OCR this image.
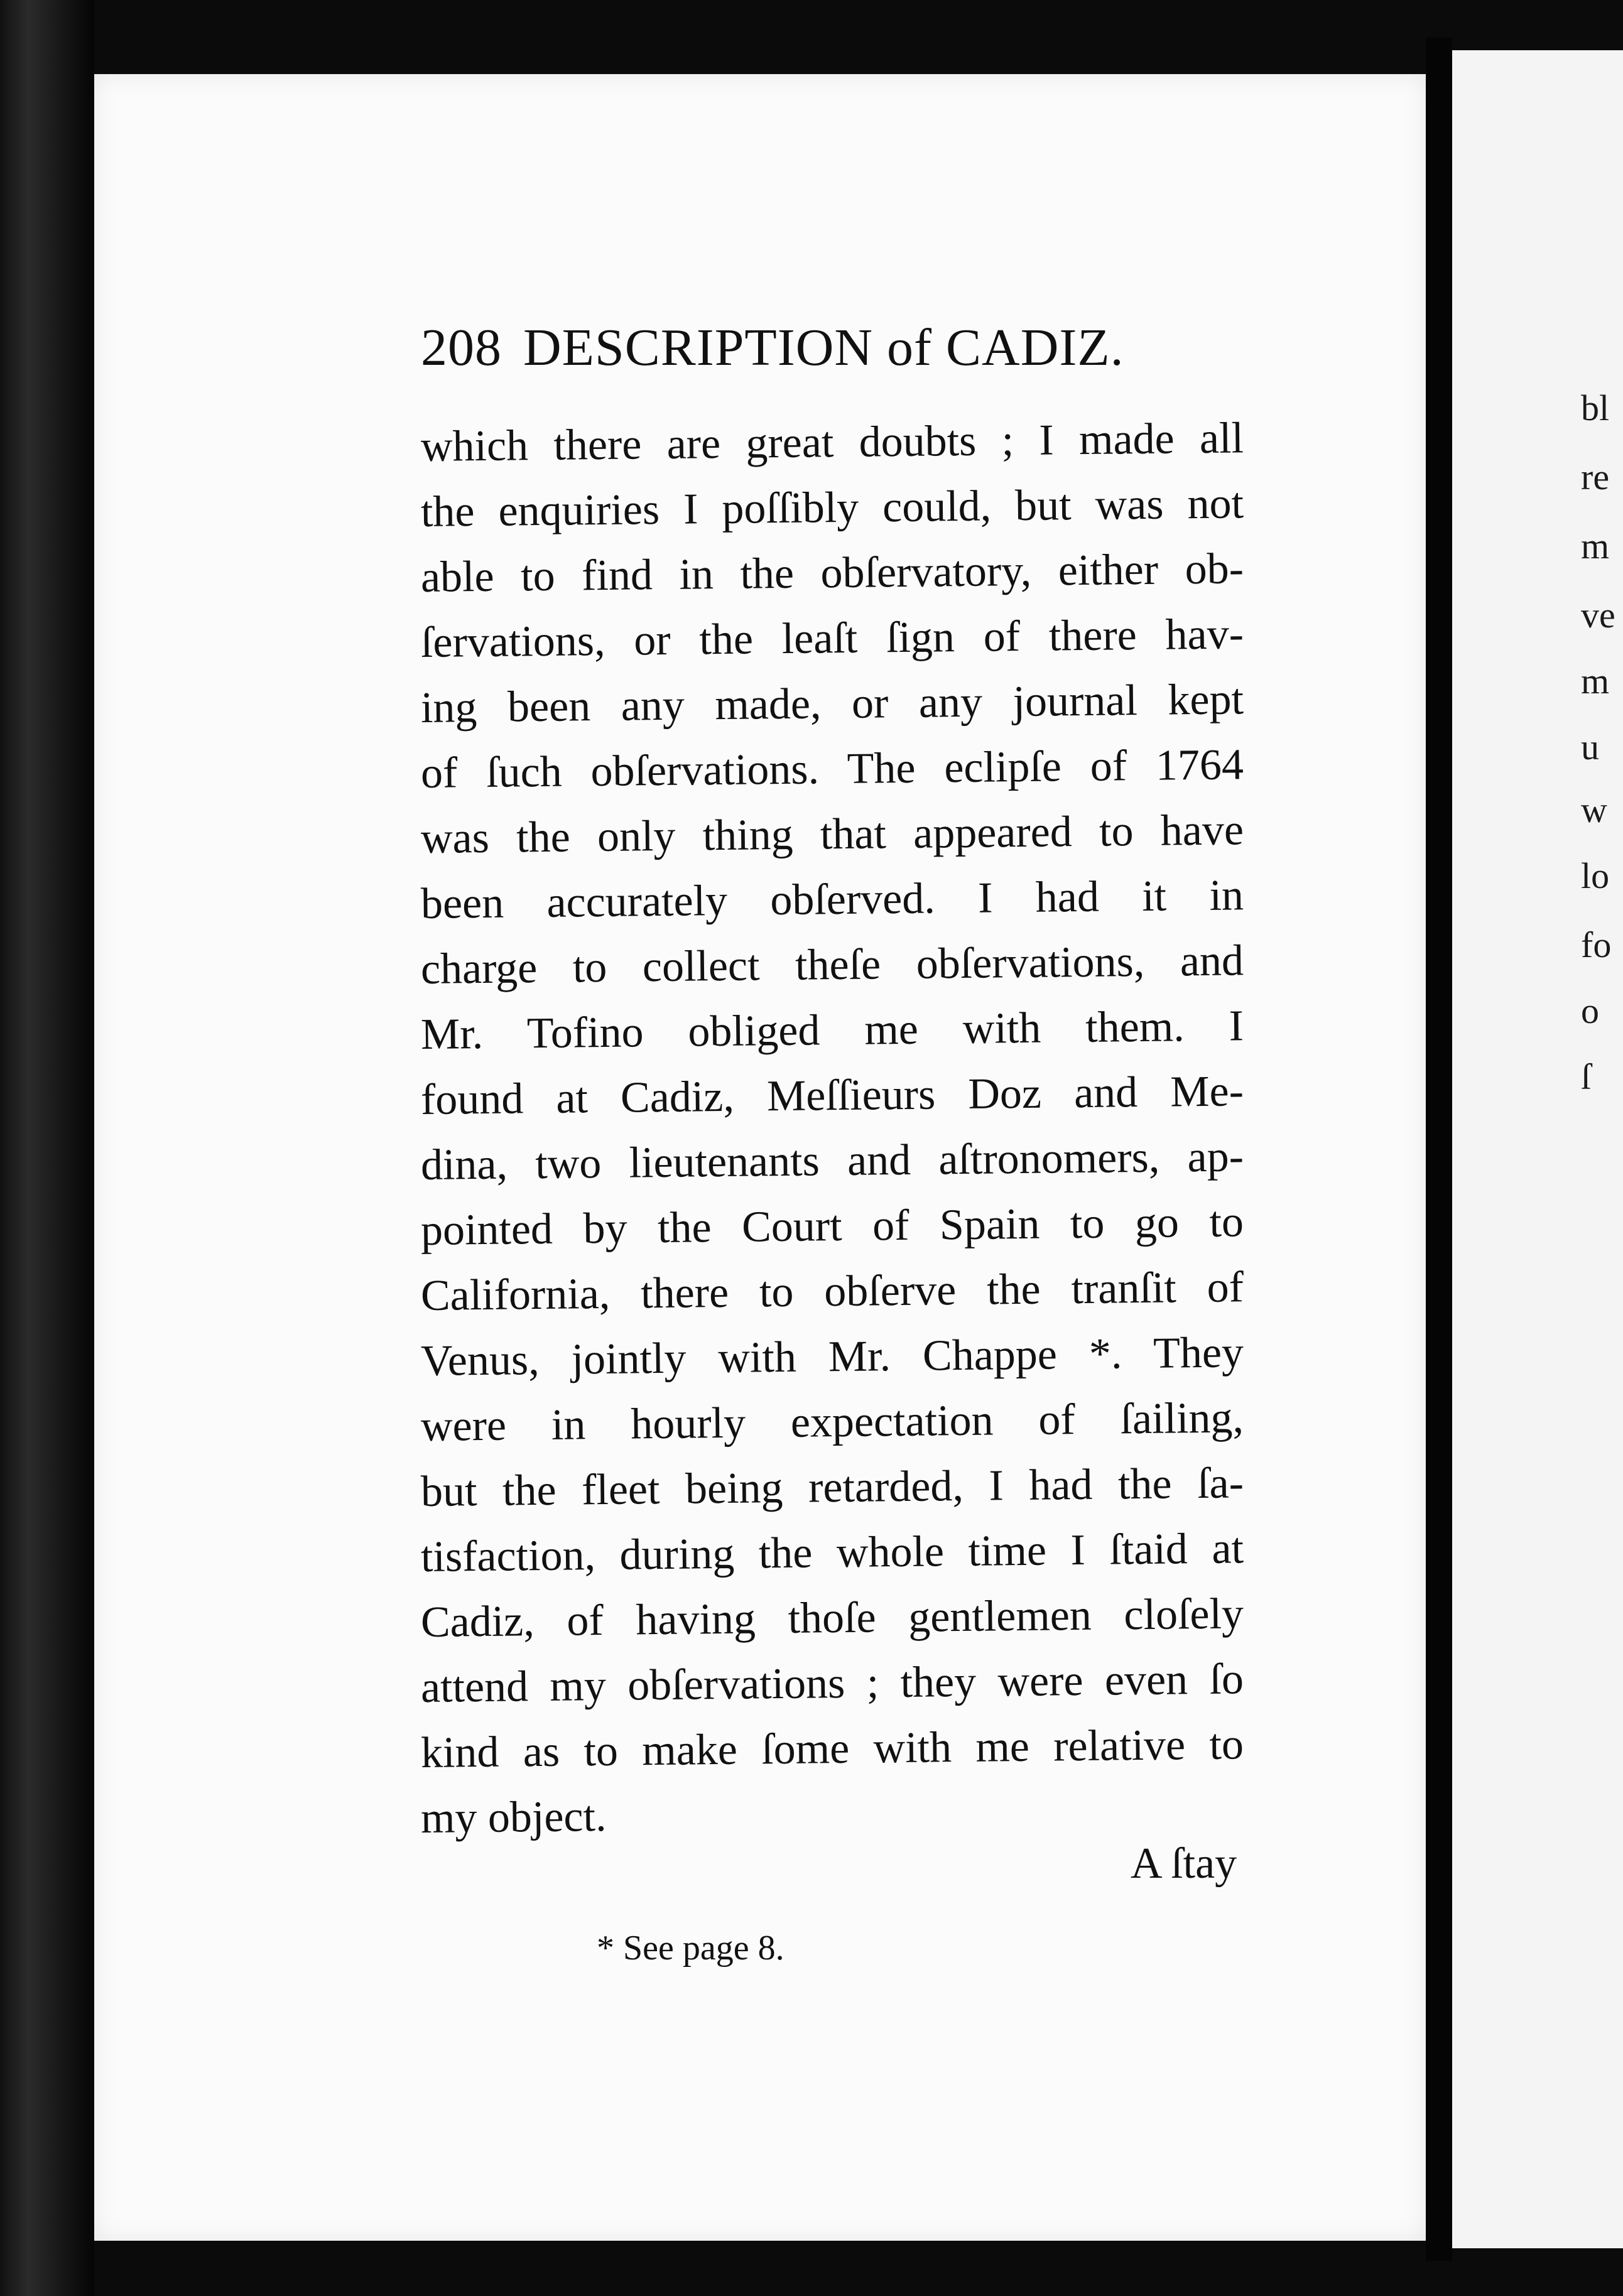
208 DESCRIPTION of CADIZ.
which there are great doubts ; I made all
the enquiries I poſſibly could, but was not
able to find in the obſervatory, either ob-
ſervations, or the leaſt ſign of there hav-
ing been any made, or any journal kept
of ſuch obſervations. The eclipſe of 1764
was the only thing that appeared to have
been accurately obſerved. I had it in
charge to collect theſe obſervations, and
Mr. Tofino obliged me with them. I
found at Cadiz, Meſſieurs Doz and Me-
dina, two lieutenants and aſtronomers, ap-
pointed by the Court of Spain to go to
California, there to obſerve the tranſit of
Venus, jointly with Mr. Chappe *. They
were in hourly expectation of ſailing,
but the fleet being retarded, I had the ſa-
tisfaction, during the whole time I ſtaid at
Cadiz, of having thoſe gentlemen cloſely
attend my obſervations ; they were even ſo
kind as to make ſome with me relative to
my object.
A ſtay
* See page 8.
bl
re
m
ve
m
u
w
lo
fo
o
ſ
